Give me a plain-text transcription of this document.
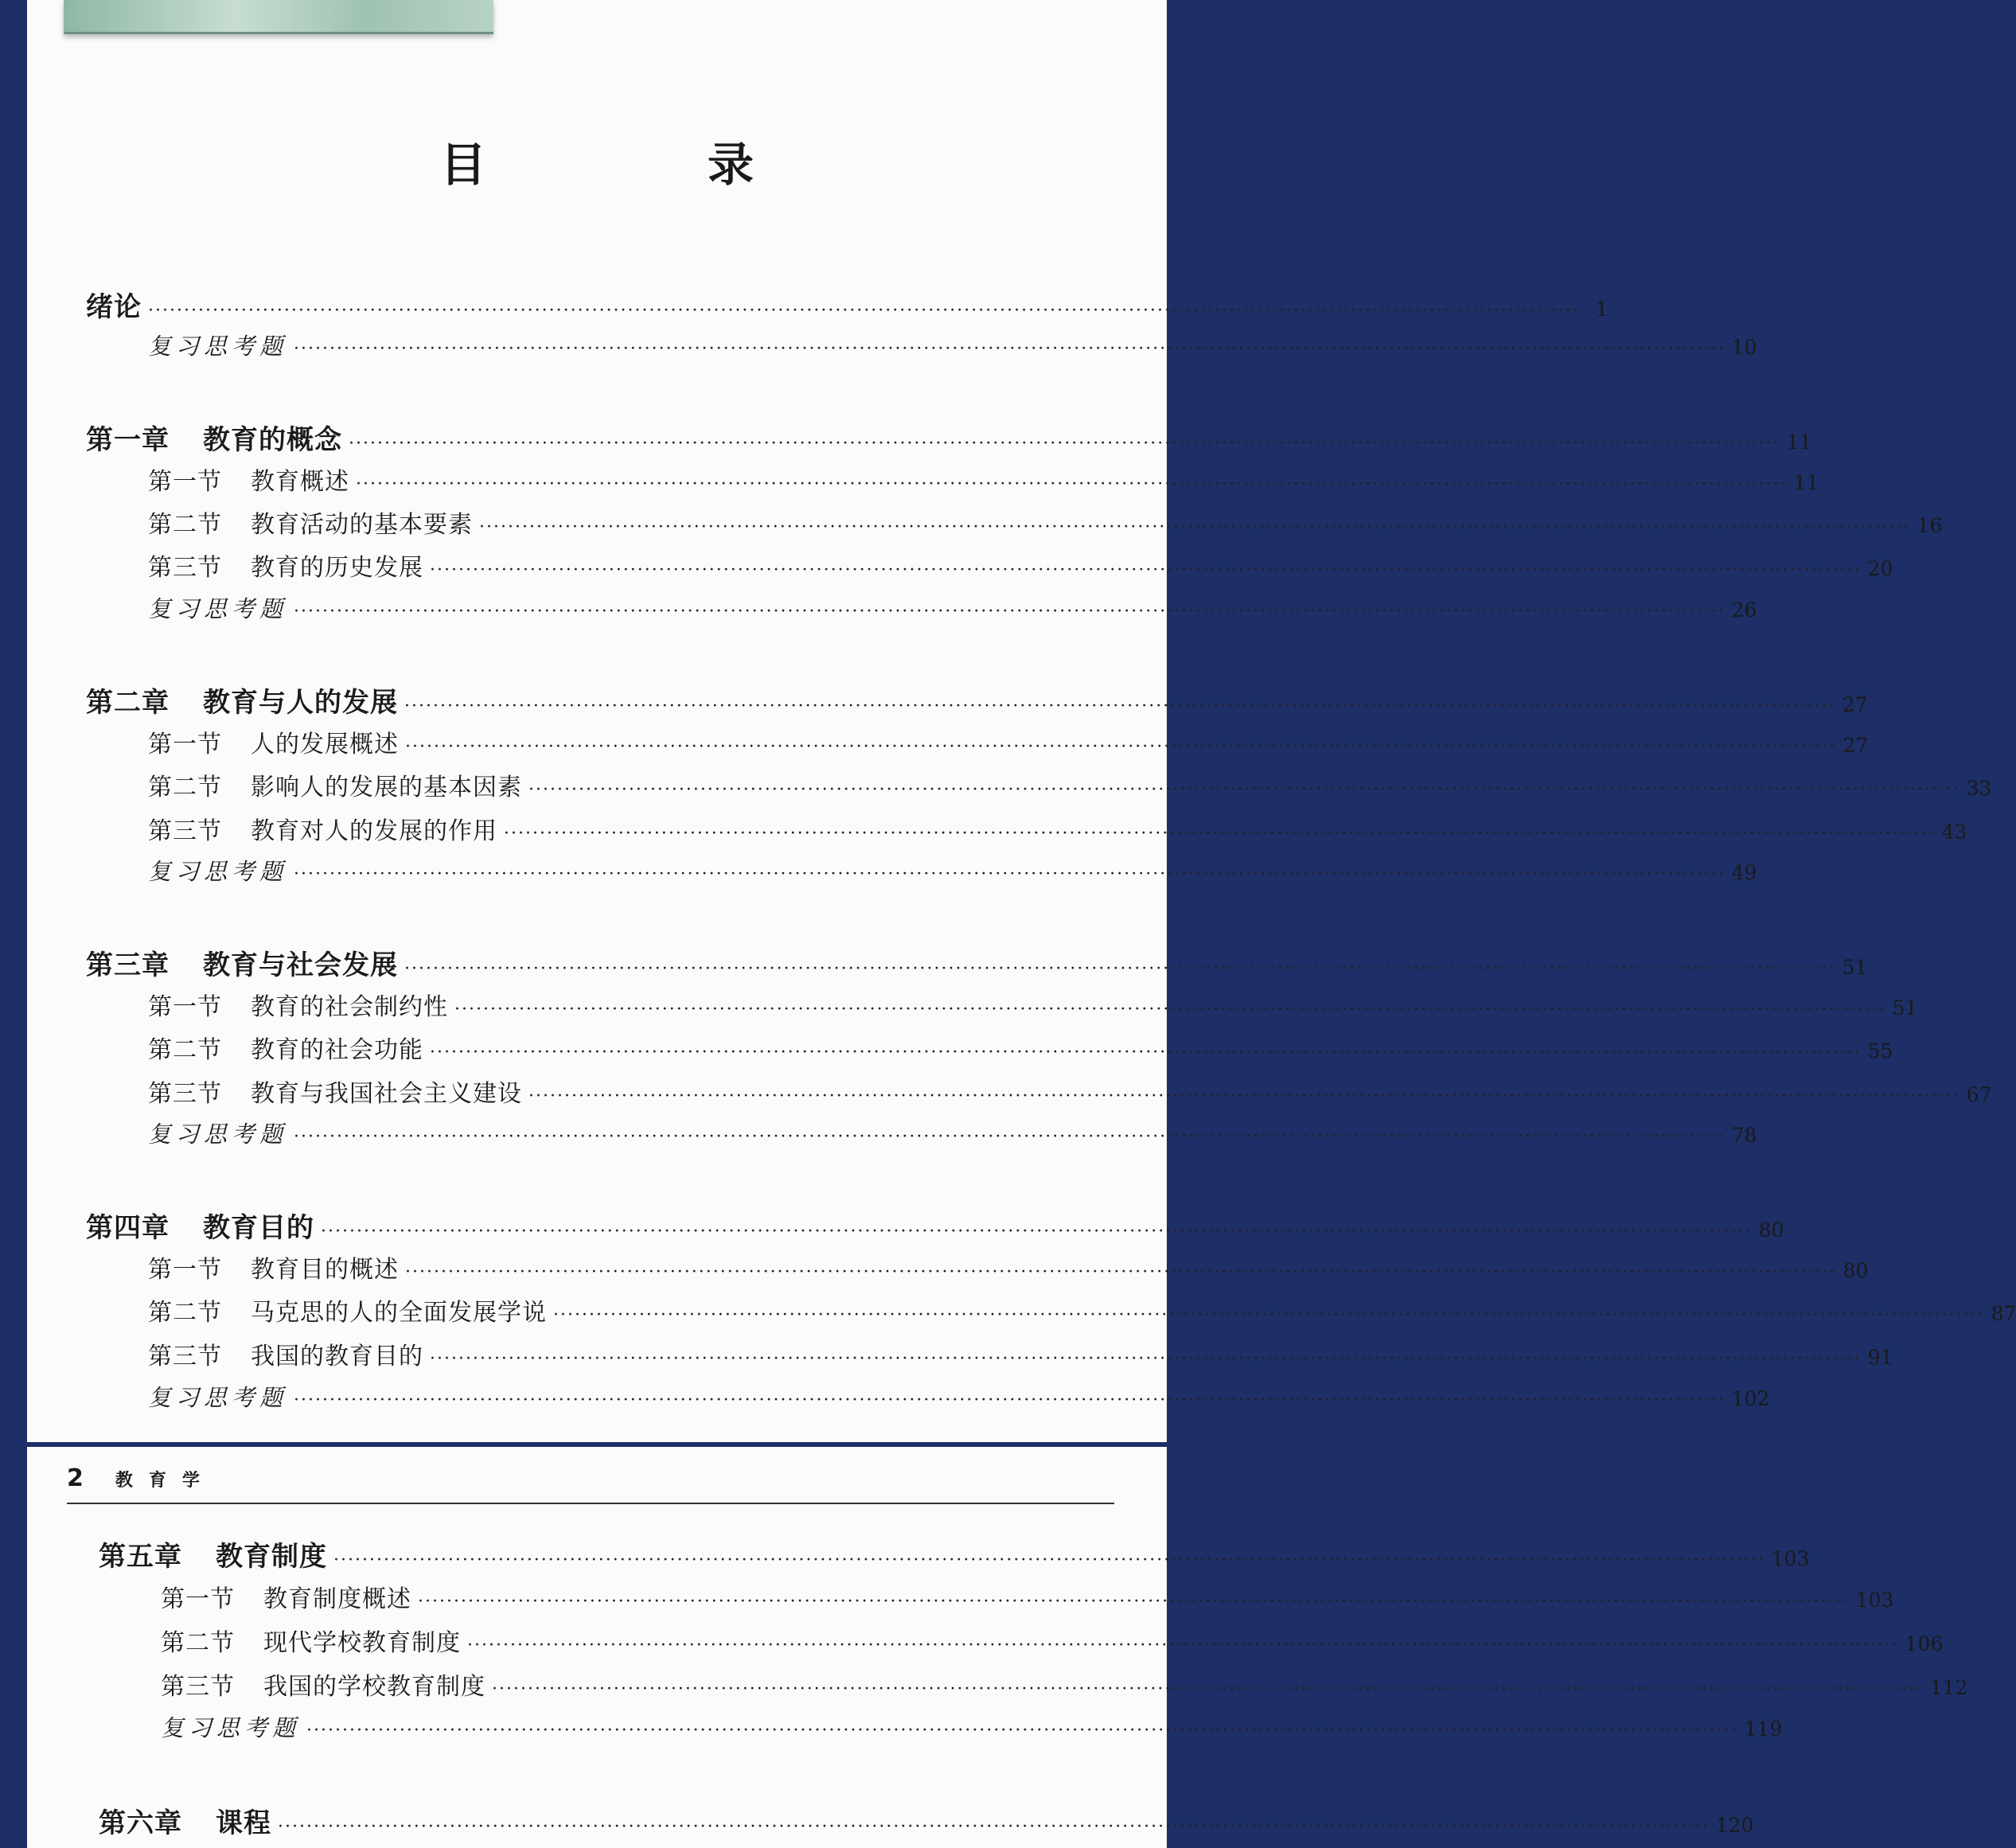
目　录
绪论 ········································································································································································································ 1
复习思考题 ········································································································································································································ 10
第一章 教育的概念 ········································································································································································································ 11
第一节 教育概述 ········································································································································································································ 11
第二节 教育活动的基本要素 ········································································································································································································ 16
第三节 教育的历史发展 ········································································································································································································ 20
复习思考题 ········································································································································································································ 26
第二章 教育与人的发展 ········································································································································································································ 27
第一节 人的发展概述 ········································································································································································································ 27
第二节 影响人的发展的基本因素 ········································································································································································································ 33
第三节 教育对人的发展的作用 ········································································································································································································ 43
复习思考题 ········································································································································································································ 49
第三章 教育与社会发展 ········································································································································································································ 51
第一节 教育的社会制约性 ········································································································································································································ 51
第二节 教育的社会功能 ········································································································································································································ 55
第三节 教育与我国社会主义建设 ········································································································································································································ 67
复习思考题 ········································································································································································································ 78
第四章 教育目的 ········································································································································································································ 80
第一节 教育目的概述 ········································································································································································································ 80
第二节 马克思的人的全面发展学说 ········································································································································································································ 87
第三节 我国的教育目的 ········································································································································································································ 91
复习思考题 ········································································································································································································ 102
第五章 教育制度 ········································································································································································································ 103
第一节 教育制度概述 ········································································································································································································ 103
第二节 现代学校教育制度 ········································································································································································································ 106
第三节 我国的学校教育制度 ········································································································································································································ 112
复习思考题 ········································································································································································································ 119
第六章 课程 ········································································································································································································ 120
2 教育学
